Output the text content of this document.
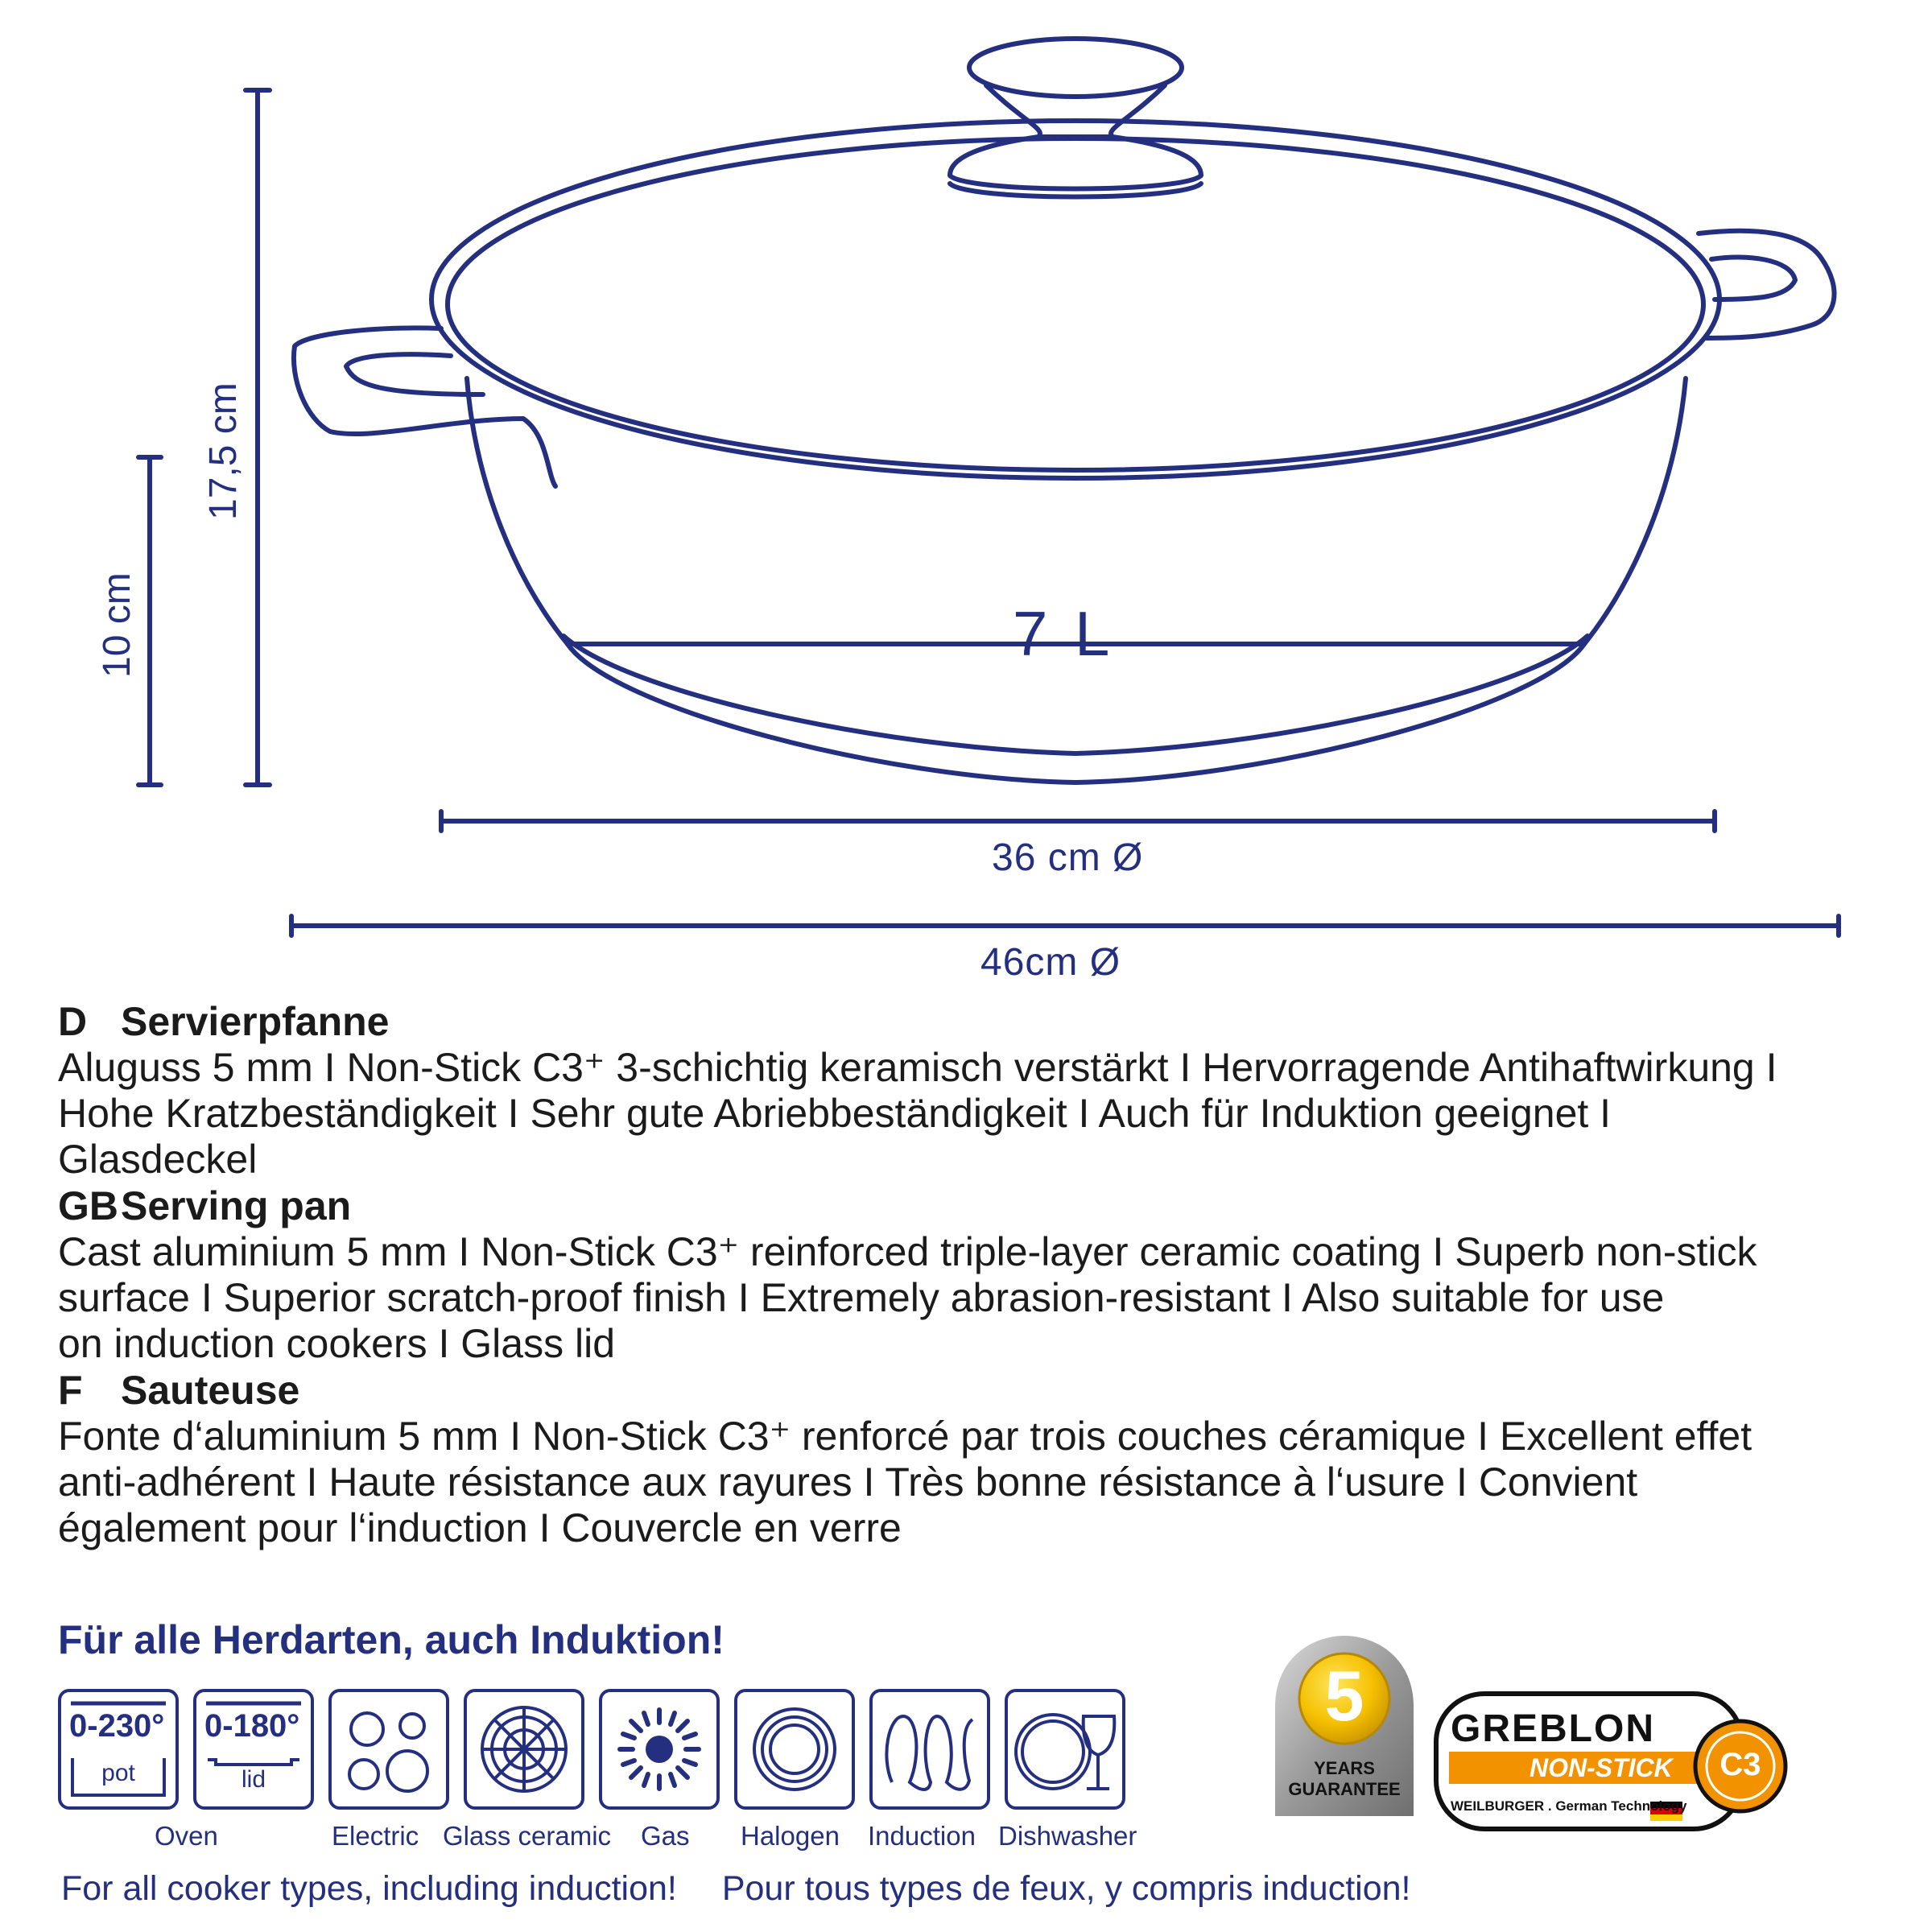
17,5 cm
10 cm	7 L
36 cm Ø
46cm Ø
D Servierpfanne

Aluguss 5 mm I Non-Stick C3⁺ 3-schichtig keramisch verstärkt I Hervorragende Antihaftwirkung I

Hohe Kratzbeständigkeit I Sehr gute Abriebbeständigkeit I Auch für Induktion geeignet I

Glasdeckel

GB Serving pan

Cast aluminium 5 mm I Non-Stick C3⁺ reinforced triple-layer ceramic coating I Superb non-stick

surface I Superior scratch-proof finish I Extremely abrasion-resistant I Also suitable for use

on induction cookers I Glass lid

F Sauteuse

Fonte d‘aluminium 5 mm I Non-Stick C3⁺ renforcé par trois couches céramique I Excellent effet

anti-adhérent I Haute résistance aux rayures I Très bonne résistance à l‘usure I Convient

également pour l‘induction I Couvercle en verre

Für alle Herdarten, auch Induktion!
0-230°
pot
0-180°
lid
Oven	Electric Glass ceramic Gas Halogen Induction Dishwasher
5
YEARS
GUARANTEE
GREBLON
NON-STICK C3
WEILBURGER . German Technology
For all cooker types, including induction! Pour tous types de feux, y compris induction!
